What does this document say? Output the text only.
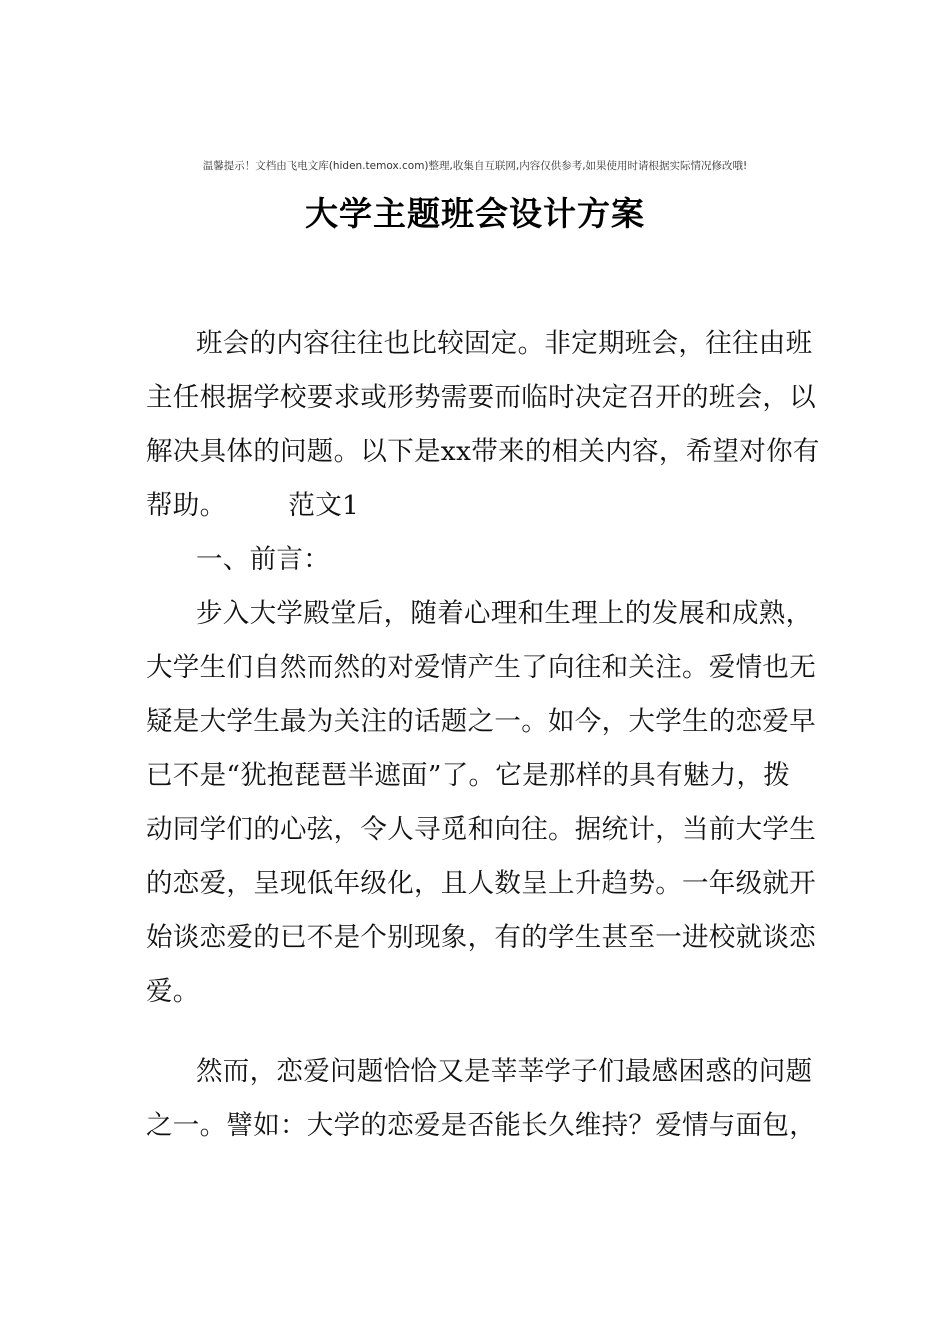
温馨提示！文档由飞电文库(hiden.temox.com)整理,收集自互联网,内容仅供参考,如果使用时请根据实际情况修改哦!
大学主题班会设计方案
班会的内容往往也比较固定。非定期班会，往往由班
主任根据学校要求或形势需要而临时决定召开的班会，以
解决具体的问题。以下是xx带来的相关内容，希望对你有
帮助。 范文1
一、前言：
步入大学殿堂后，随着心理和生理上的发展和成熟，
大学生们自然而然的对爱情产生了向往和关注。爱情也无
疑是大学生最为关注的话题之一。如今，大学生的恋爱早
已不是“犹抱琵琶半遮面”了。它是那样的具有魅力，拨
动同学们的心弦，令人寻觅和向往。据统计，当前大学生
的恋爱，呈现低年级化，且人数呈上升趋势。一年级就开
始谈恋爱的已不是个别现象，有的学生甚至一进校就谈恋
爱。
然而，恋爱问题恰恰又是莘莘学子们最感困惑的问题
之一。譬如：大学的恋爱是否能长久维持？爱情与面包，
